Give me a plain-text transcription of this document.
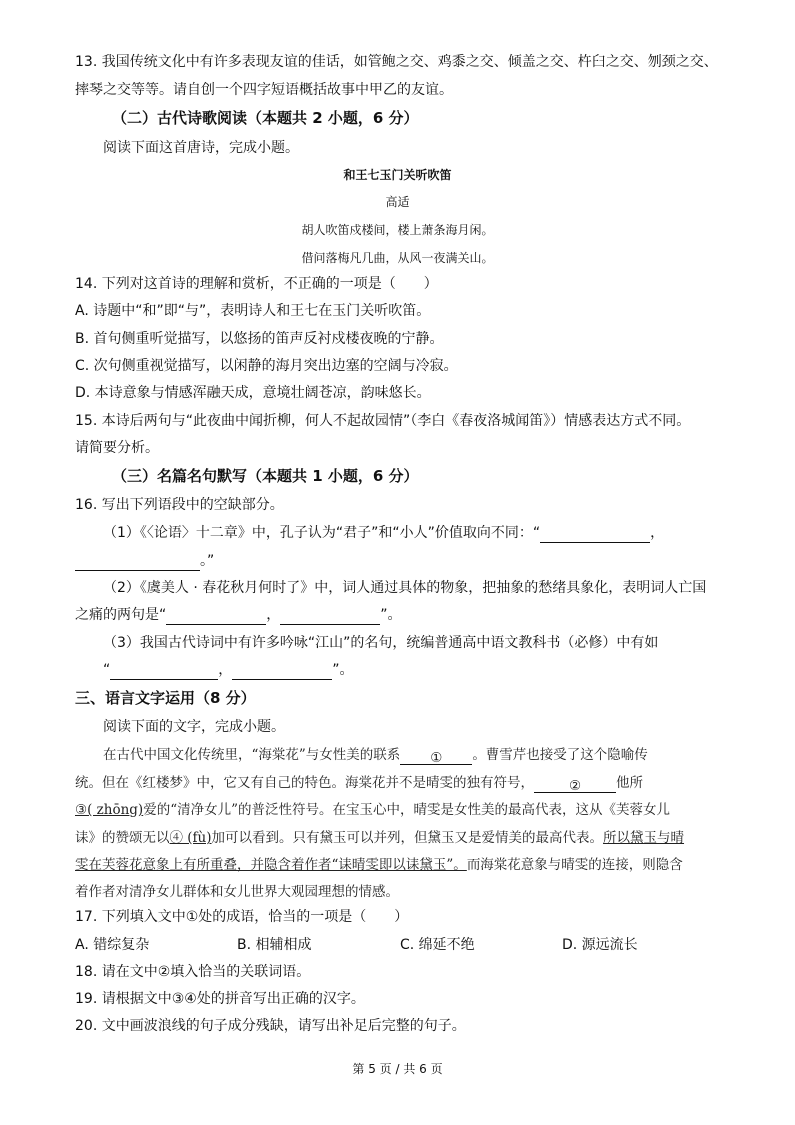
13. 我国传统文化中有许多表现友谊的佳话，如管鲍之交、鸡黍之交、倾盖之交、杵臼之交、刎颈之交、
摔琴之交等等。请自创一个四字短语概括故事中甲乙的友谊。
（二）古代诗歌阅读（本题共 2 小题，6 分）
阅读下面这首唐诗，完成小题。
和王七玉门关听吹笛
高适
胡人吹笛戍楼间，楼上萧条海月闲。
借问落梅凡几曲，从风一夜满关山。
14. 下列对这首诗的理解和赏析，不正确的一项是（　　）
A. 诗题中“和”即“与”，表明诗人和王七在玉门关听吹笛。
B. 首句侧重听觉描写，以悠扬的笛声反衬戍楼夜晚的宁静。
C. 次句侧重视觉描写，以闲静的海月突出边塞的空阔与冷寂。
D. 本诗意象与情感浑融天成，意境壮阔苍凉，韵味悠长。
15. 本诗后两句与“此夜曲中闻折柳，何人不起故园情”（李白《春夜洛城闻笛》）情感表达方式不同。
请简要分析。
（三）名篇名句默写（本题共 1 小题，6 分）
16. 写出下列语段中的空缺部分。
（1）《〈论语〉十二章》中，孔子认为“君子”和“小人”价值取向不同：“	，
。”
（2）《虞美人 · 春花秋月何时了》中，词人通过具体的物象，把抽象的愁绪具象化，表明词人亡国
之痛的两句是“	，	”。
（3）我国古代诗词中有许多吟咏“江山”的名句，统编普通高中语文教科书（必修）中有如
“	，	”。
三、语言文字运用（8 分）
阅读下面的文字，完成小题。
在古代中国文化传统里，“海棠花”与女性美的联系 ① 。曹雪芹也接受了这个隐喻传
统。但在《红楼梦》中，它又有自己的特色。海棠花并不是晴雯的独有符号，	②	他所
③( zhōng)爱的“清净女儿”的普泛性符号。在宝玉心中，晴雯是女性美的最高代表，这从《芙蓉女儿
诔》的赞颂无以④ (fù)加可以看到。只有黛玉可以并列，但黛玉又是爱情美的最高代表。所以黛玉与晴
雯在芙蓉花意象上有所重叠，并隐含着作者“诔晴雯即以诔黛玉”。而海棠花意象与晴雯的连接，则隐含
着作者对清净女儿群体和女儿世界大观园理想的情感。
17. 下列填入文中①处的成语，恰当的一项是（　　）
A. 错综复杂	B. 相辅相成	C. 绵延不绝	D. 源远流长
18. 请在文中②填入恰当的关联词语。
19. 请根据文中③④处的拼音写出正确的汉字。
20. 文中画波浪线的句子成分残缺，请写出补足后完整的句子。
第 5 页 / 共 6 页
